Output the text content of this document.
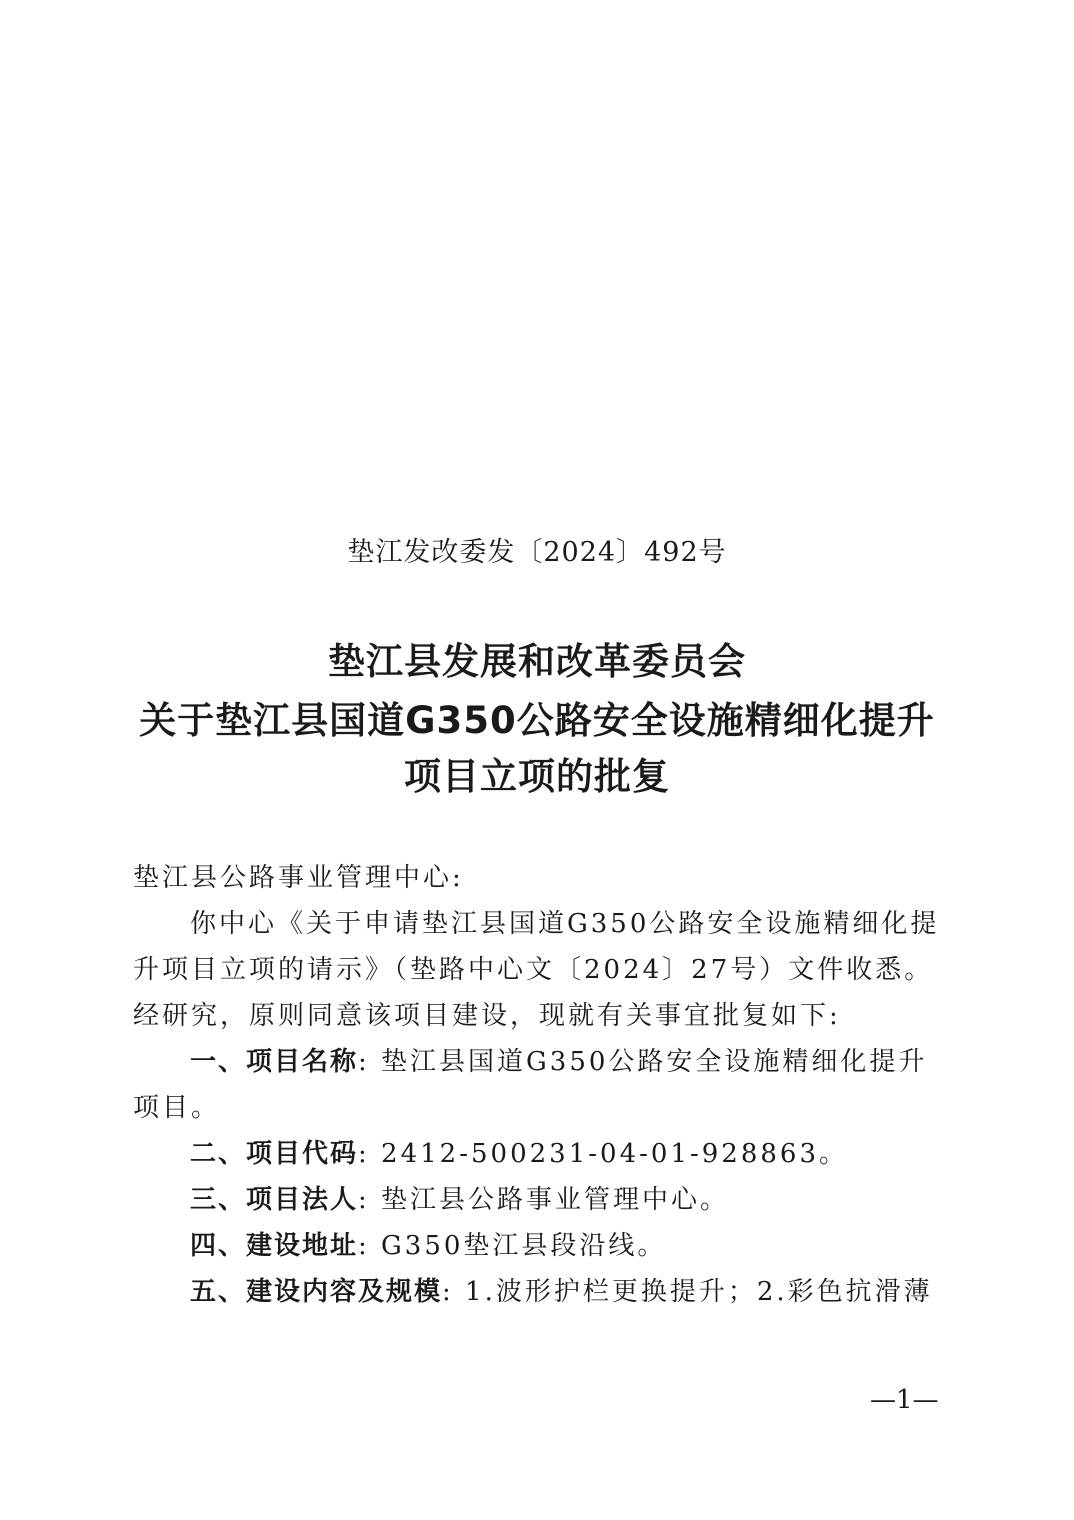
垫江发改委发〔2024〕492号
垫江县发展和改革委员会
关于垫江县国道G350公路安全设施精细化提升
项目立项的批复
垫江县公路事业管理中心:
你中心《关于申请垫江县国道G350公路安全设施精细化提
升项目立项的请示》（垫路中心文〔2024〕27号）文件收悉。
经研究，原则同意该项目建设，现就有关事宜批复如下:
一、项目名称: 垫江县国道G350公路安全设施精细化提升
项目。
二、项目代码: 2412-500231-04-01-928863。
三、项目法人: 垫江县公路事业管理中心。
四、建设地址: G350垫江县段沿线。
五、建设内容及规模: 1.波形护栏更换提升；2.彩色抗滑薄
—1—
